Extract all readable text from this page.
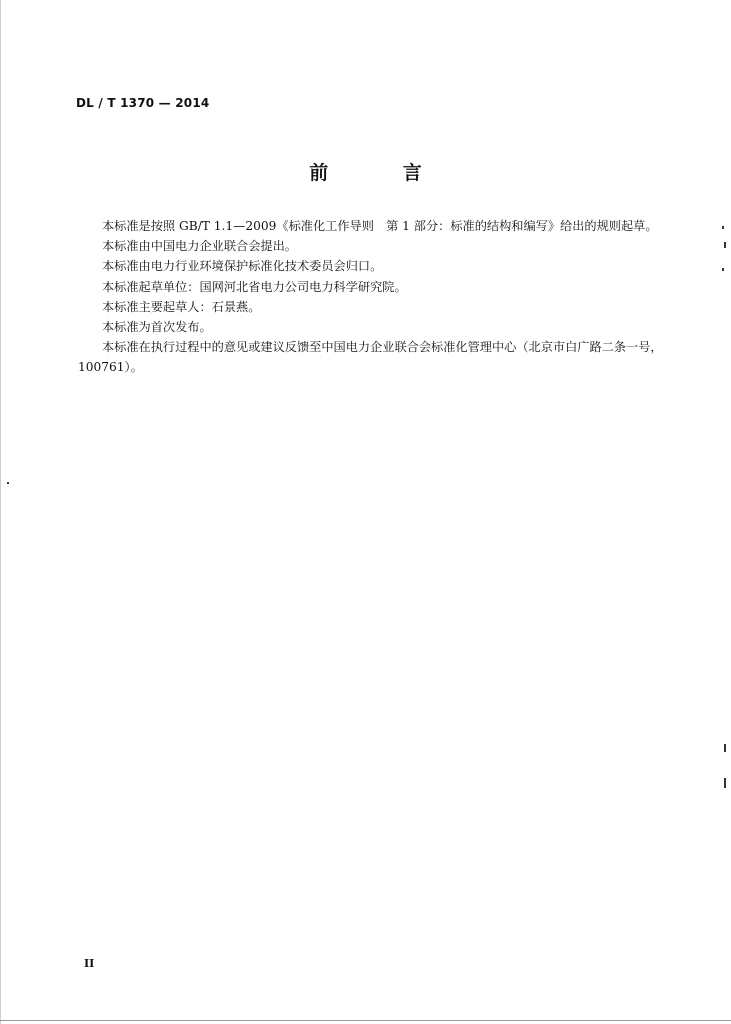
DL / T 1370 — 2014
前 言

本标准是按照 GB/T 1.1—2009《标准化工作导则　第 1 部分：标准的结构和编写》给出的规则起草。

本标准由中国电力企业联合会提出。

本标准由电力行业环境保护标准化技术委员会归口。

本标准起草单位：国网河北省电力公司电力科学研究院。

本标准主要起草人：石景燕。

本标准为首次发布。

本标准在执行过程中的意见或建议反馈至中国电力企业联合会标准化管理中心（北京市白广路二条一号，100761）。

II
